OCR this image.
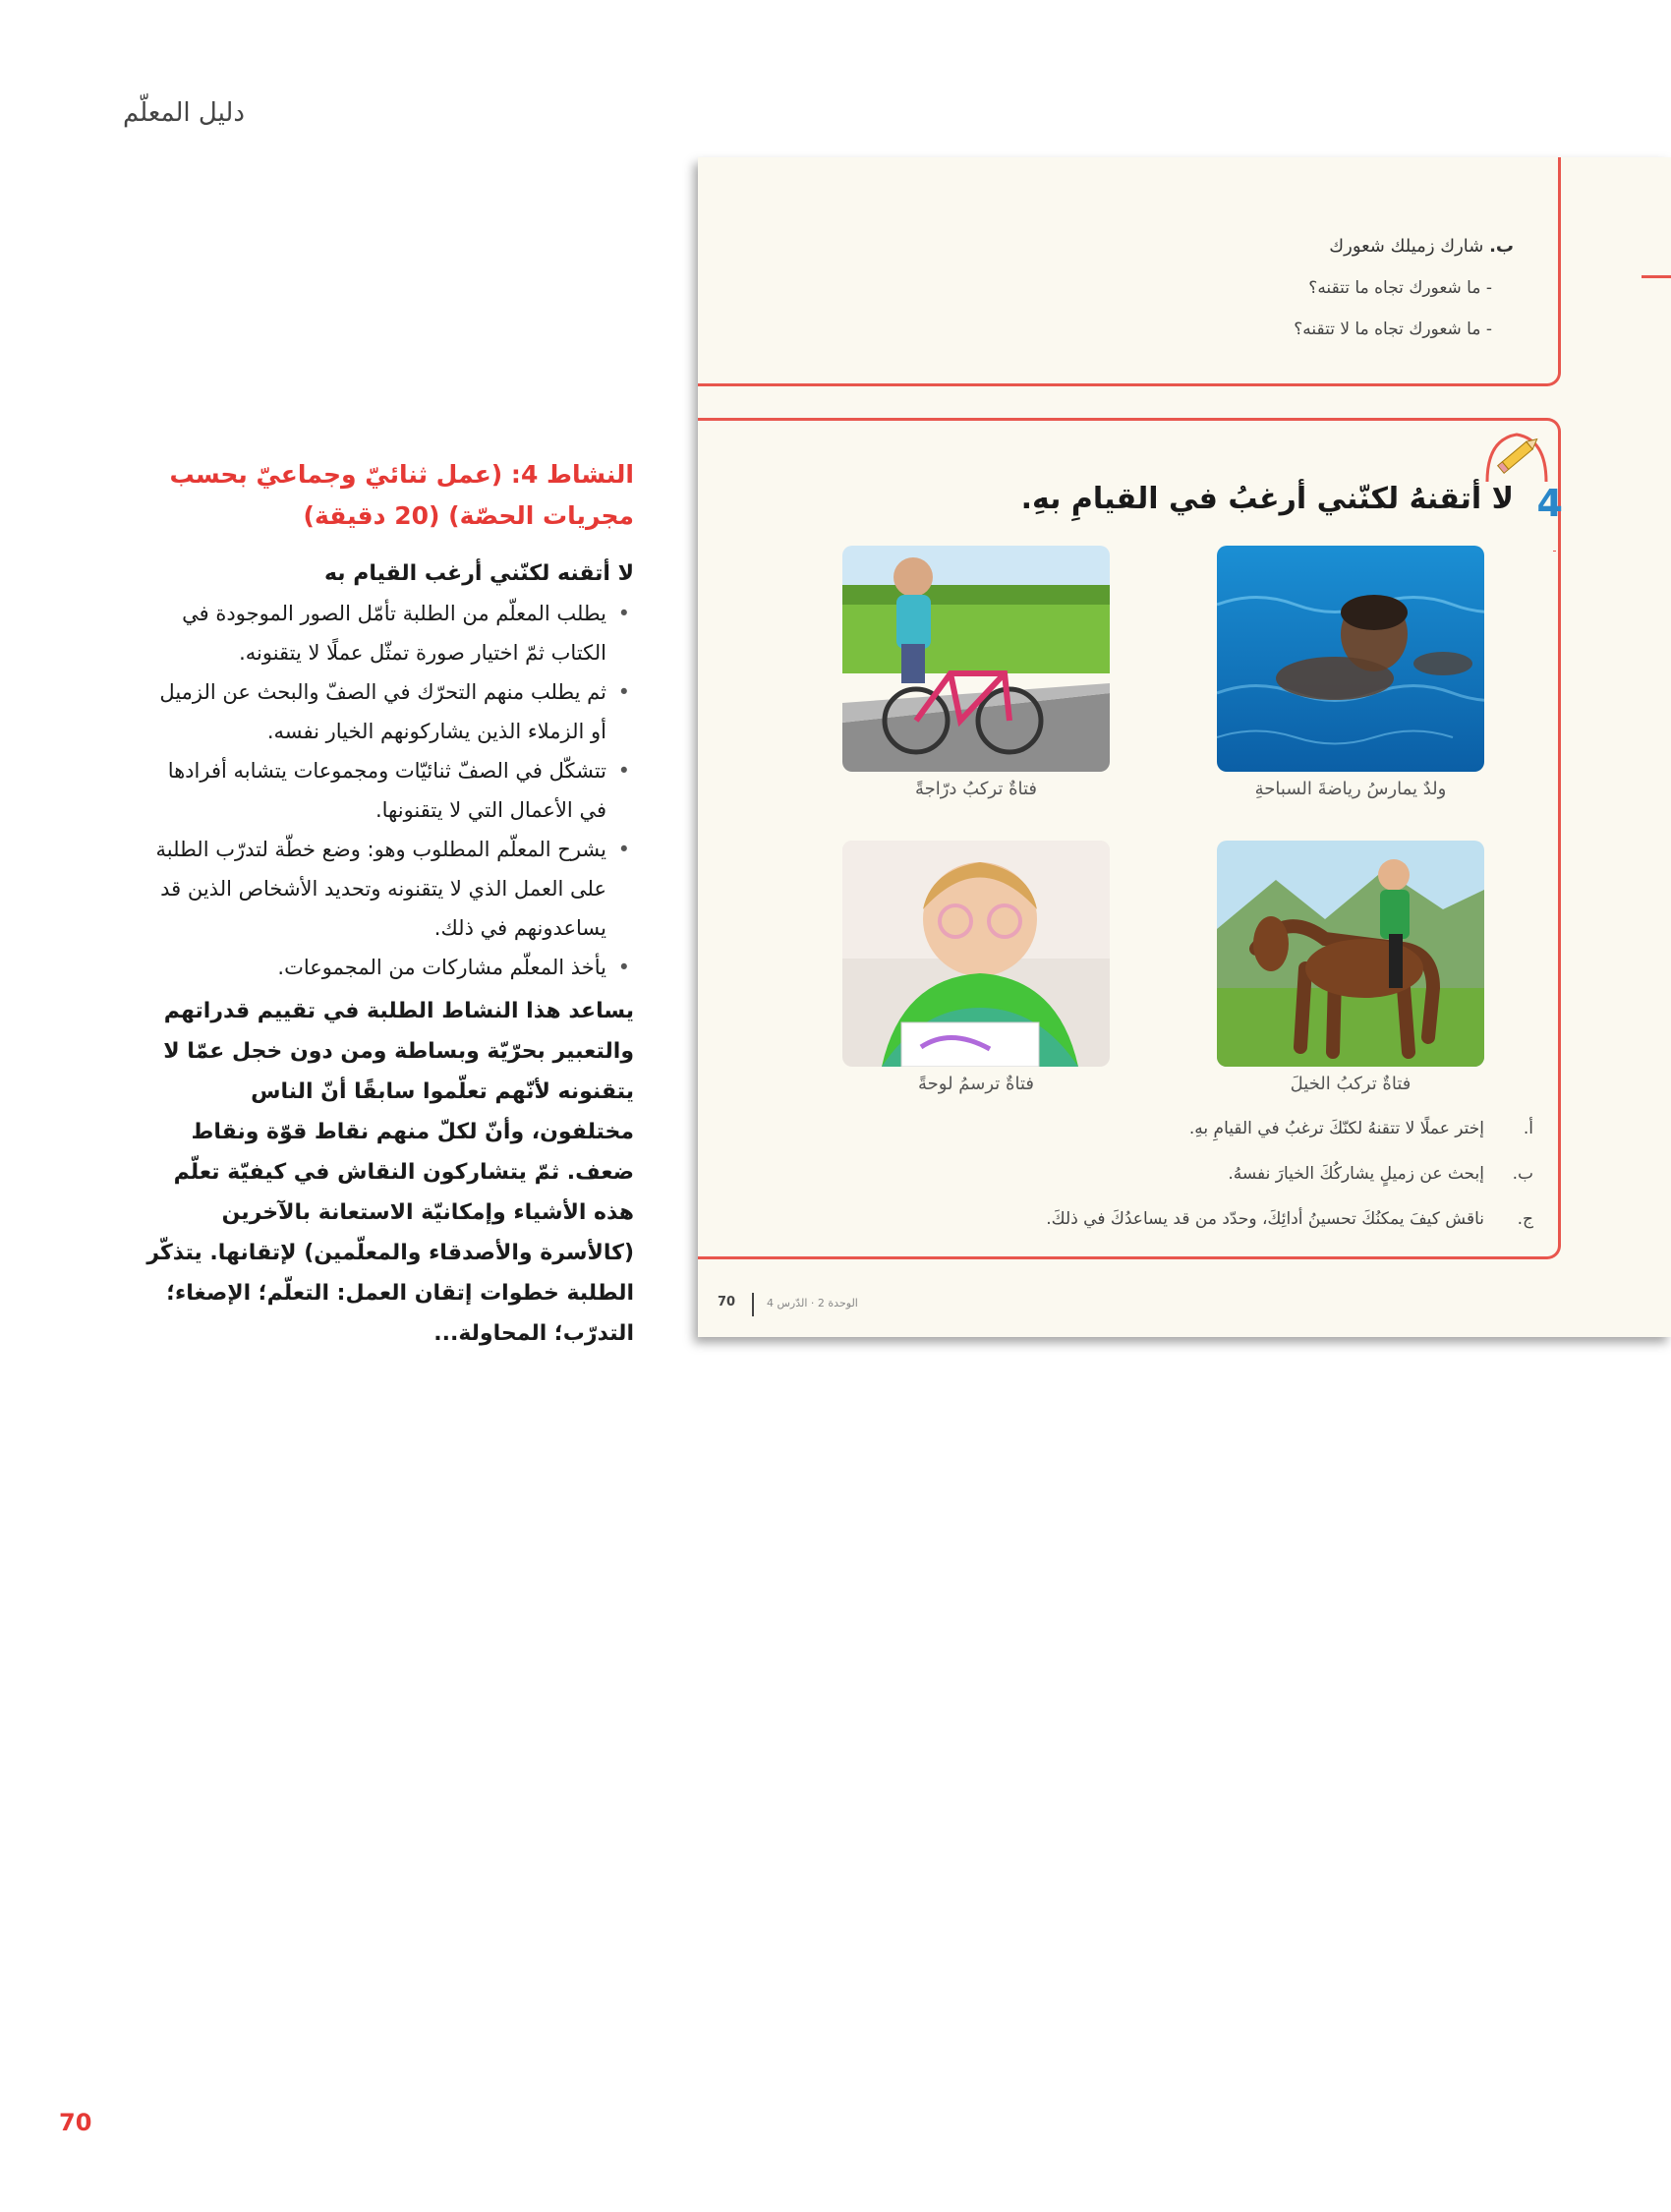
دليل المعلّم
النشاط 4: (عمل ثنائيّ وجماعيّ بحسب
مجريات الحصّة) (20 دقيقة)
لا أتقنه لكنّني أرغب القيام به
• يطلب المعلّم من الطلبة تأمّل الصور الموجودة في الكتاب ثمّ اختيار صورة تمثّل عملًا لا يتقنونه.
• ثم يطلب منهم التحرّك في الصفّ والبحث عن الزميل أو الزملاء الذين يشاركونهم الخيار نفسه.
• تتشكّل في الصفّ ثنائيّات ومجموعات يتشابه أفرادها في الأعمال التي لا يتقنونها.
• يشرح المعلّم المطلوب وهو: وضع خطّة لتدرّب الطلبة على العمل الذي لا يتقنونه وتحديد الأشخاص الذين قد يساعدونهم في ذلك.
• يأخذ المعلّم مشاركات من المجموعات.
يساعد هذا النشاط الطلبة في تقييم قدراتهم والتعبير بحرّيّة وبساطة ومن دون خجل عمّا لا يتقنونه لأنّهم تعلّموا سابقًا أنّ الناس مختلفون، وأنّ لكلّ منهم نقاط قوّة ونقاط ضعف. ثمّ يتشاركون النقاش في كيفيّة تعلّم هذه الأشياء وإمكانيّة الاستعانة بالآخرين (كالأسرة والأصدقاء والمعلّمين) لإتقانها. يتذكّر الطلبة خطوات إتقان العمل: التعلّم؛ الإصغاء؛ التدرّب؛ المحاولة...
ب. شارك زميلك شعورك
- ما شعورك تجاه ما تتقنه؟
- ما شعورك تجاه ما لا تتقنه؟
4
لا أتقنهُ لكنّني أرغبُ في القيامِ بهِ.
ولدٌ يمارسُ رياضةَ السباحةِ
فتاةٌ تركبُ درّاجةً
فتاةٌ تركبُ الخيلَ
فتاةٌ ترسمُ لوحةً
أ.
إختر عملًا لا تتقنهُ لكنّكَ ترغبُ في القيامِ بهِ.
ب.
إبحث عن زميلٍ يشاركُكَ الخيارَ نفسهُ.
ج.
ناقش كيفَ يمكنُكَ تحسينُ أدائِكَ، وحدّد من قد يساعدُكَ في ذلكَ.
70	الوحدة 2 · الدّرس 4
70
